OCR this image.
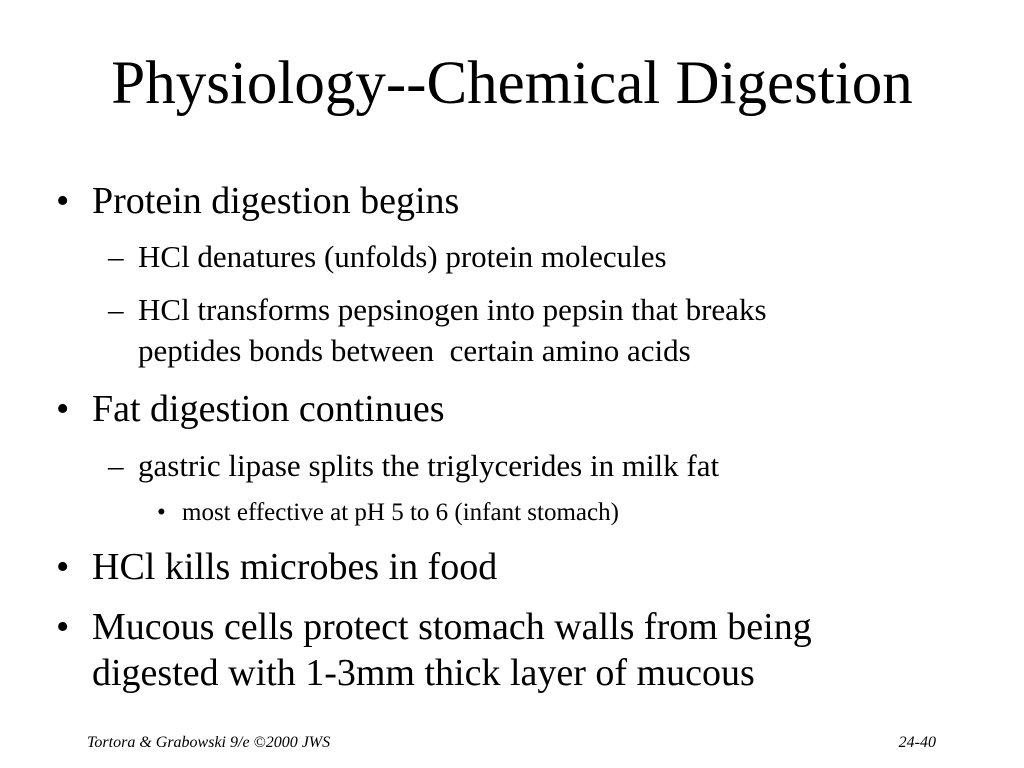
Physiology--Chemical Digestion
• Protein digestion begins
– HCl denatures (unfolds) protein molecules
– HCl transforms pepsinogen into pepsin that breaks
peptides bonds between  certain amino acids
• Fat digestion continues
– gastric lipase splits the triglycerides in milk fat
• most effective at pH 5 to 6 (infant stomach)
• HCl kills microbes in food
• Mucous cells protect stomach walls from being
digested with 1-3mm thick layer of mucous
Tortora & Grabowski 9/e ©2000 JWS	24-40
